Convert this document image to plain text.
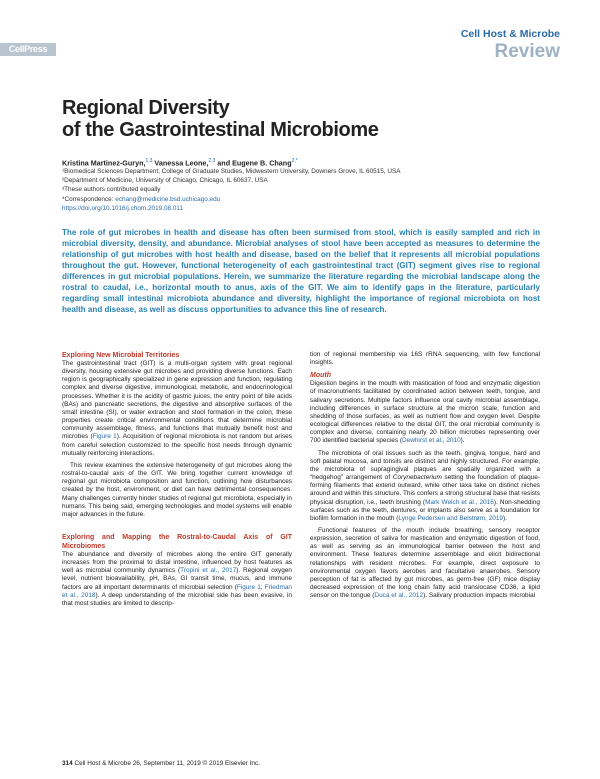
CellPress
Cell Host & Microbe
Review
Regional Diversity
of the Gastrointestinal Microbiome
Kristina Martinez-Guryn,$^{1,3}$ Vanessa Leone,$^{2,3}$ and Eugene B. Chang$^{2,*}$
¹Biomedical Sciences Department, College of Graduate Studies, Midwestern University, Downers Grove, IL 60515, USA
²Department of Medicine, University of Chicago, Chicago, IL 60637, USA
³These authors contributed equally
*Correspondence: echang@medicine.bsd.uchicago.edu
https://doi.org/10.1016/j.chom.2019.08.011
The role of gut microbes in health and disease has often been surmised from stool, which is easily sampled and rich in microbial diversity, density, and abundance. Microbial analyses of stool have been accepted as measures to determine the relationship of gut microbes with host health and disease, based on the belief that it represents all microbial populations throughout the gut. However, functional heterogeneity of each gastrointestinal tract (GIT) segment gives rise to regional differences in gut microbial populations. Herein, we summarize the literature regarding the microbial landscape along the rostral to caudal, i.e., horizontal mouth to anus, axis of the GIT. We aim to identify gaps in the literature, particularly regarding small intestinal microbiota abundance and diversity, highlight the importance of regional microbiota on host health and disease, as well as discuss opportunities to advance this line of research.
Exploring New Microbial Territories

The gastrointestinal tract (GIT) is a multi-organ system with great regional diversity, housing extensive gut microbes and providing diverse functions. Each region is geographically specialized in gene expression and function, regulating complex and diverse digestive, immunological, metabolic, and endocrinological processes. Whether it is the acidity of gastric juices, the entry point of bile acids (BAs) and pancreatic secretions, the digestive and absorptive surfaces of the small intestine (SI), or water extraction and stool formation in the colon, these properties create critical environmental conditions that determine microbial community assemblage, fitness, and functions that mutually benefit host and microbes (Figure 1). Acquisition of regional microbiota is not random but arises from careful selection customized to the specific host needs through dynamic mutually reinforcing interactions.

This review examines the extensive heterogeneity of gut microbes along the rostral-to-caudal axis of the GIT. We bring together current knowledge of regional gut microbiota composition and function, outlining how disturbances created by the host, environment, or diet can have detrimental consequences. Many challenges currently hinder studies of regional gut microbiota, especially in humans. This being said, emerging technologies and model systems will enable major advances in the future.

Exploring and Mapping the Rostral-to-Caudal Axis of GIT Microbiomes

The abundance and diversity of microbes along the entire GIT generally increases from the proximal to distal intestine, influenced by host features as well as microbial community dynamics (Tropini et al., 2017). Regional oxygen level, nutrient bioavailability, pH, BAs, GI transit time, mucus, and immune factors are all important determinants of microbial selection (Figure 1; Friedman et al., 2018). A deep understanding of the microbial side has been evasive, in that most studies are limited to descrip-

tion of regional membership via 16S rRNA sequencing, with few functional insights.

Mouth

Digestion begins in the mouth with mastication of food and enzymatic digestion of macronutrients facilitated by coordinated action between teeth, tongue, and salivary secretions. Multiple factors influence oral cavity microbial assemblage, including differences in surface structure at the micron scale, function and shedding of those surfaces, as well as nutrient flow and oxygen level. Despite ecological differences relative to the distal GIT, the oral microbial community is complex and diverse, containing nearly 20 billion microbes representing over 700 identified bacterial species (Dewhirst et al., 2010).

The microbiota of oral tissues such as the teeth, gingiva, tongue, hard and soft palatal mucosa, and tonsils are distinct and highly structured. For example, the microbiota of supragingival plaques are spatially organized with a “hedgehog” arrangement of Corynebacterium setting the foundation of plaque-forming filaments that extend outward, while other taxa take on distinct niches around and within this structure. This confers a strong structural base that resists physical disruption, i.e., teeth brushing (Mark Welch et al., 2016). Non-shedding surfaces such as the teeth, dentures, or implants also serve as a foundation for biofilm formation in the mouth (Lynge Pedersen and Belstrøm, 2019).

Functional features of the mouth include breathing, sensory receptor expression, secretion of saliva for mastication and enzymatic digestion of food, as well as serving as an immunological barrier between the host and environment. These features determine assemblage and elicit bidirectional relationships with resident microbes. For example, direct exposure to environmental oxygen favors aerobes and facultative anaerobes. Sensory perception of fat is affected by gut microbes, as germ-free (GF) mice display decreased expression of the long chain fatty acid translocase CD36, a lipid sensor on the tongue (Duca et al., 2012). Salivary production impacts microbial

314 Cell Host & Microbe 26, September 11, 2019 © 2019 Elsevier Inc.
